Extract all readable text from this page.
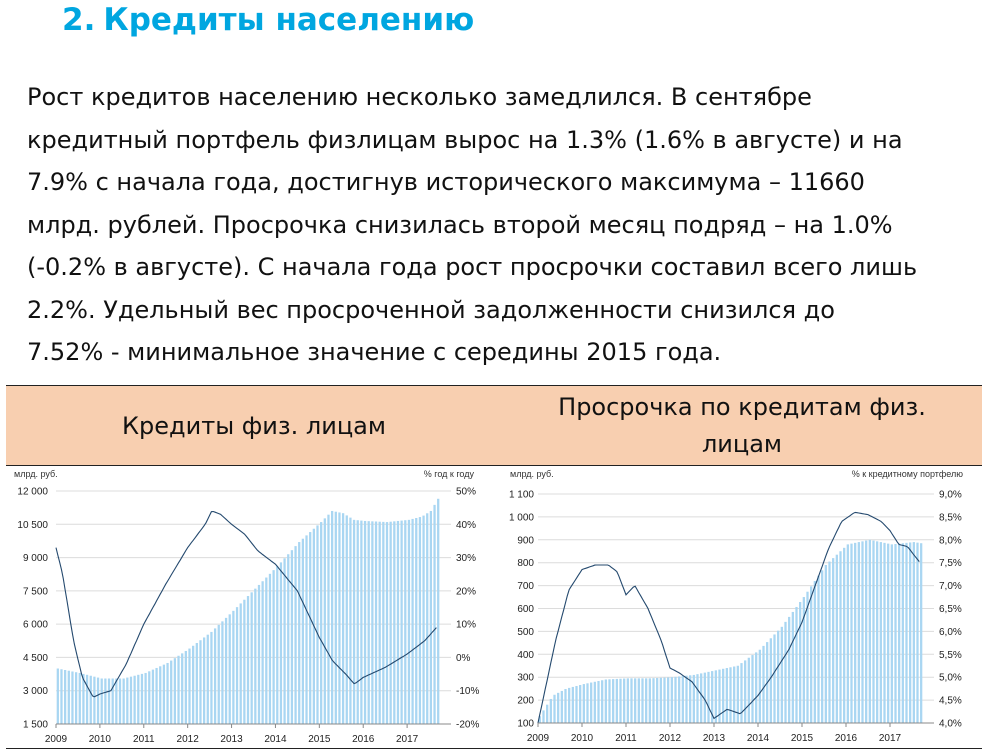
2. Кредиты населению
Рост кредитов населению несколько замедлился. В сентябре
кредитный портфель физлицам вырос на 1.3% (1.6% в августе) и на
7.9% с начала года, достигнув исторического максимума – 11660
млрд. рублей. Просрочка снизилась второй месяц подряд – на 1.0%
(-0.2% в августе). С начала года рост просрочки составил всего лишь
2.2%. Удельный вес просроченной задолженности снизился до
7.52% - минимальное значение с середины 2015 года.
Кредиты физ. лицам
Просрочка по кредитам физ.
лицам
млрд. руб.	% год к году
12 000	50%
10 500	40%
9 000	30%
7 500	20%
6 000	10%
4 500	0%
3 000	-10%
1 500	-20%
2009 2010 2011 2012 2013 2014 2015 2016 2017
млрд. руб.	% к кредитному портфелю
1 100	9,0%
1 000	8,5%
900	8,0%
800	7,5%
700	7,0%
600	6,5%
500	6,0%
400	5,5%
300	5,0%
200	4,5%
100	4,0%
2009 2010 2011 2012 2013 2014 2015 2016 2017
